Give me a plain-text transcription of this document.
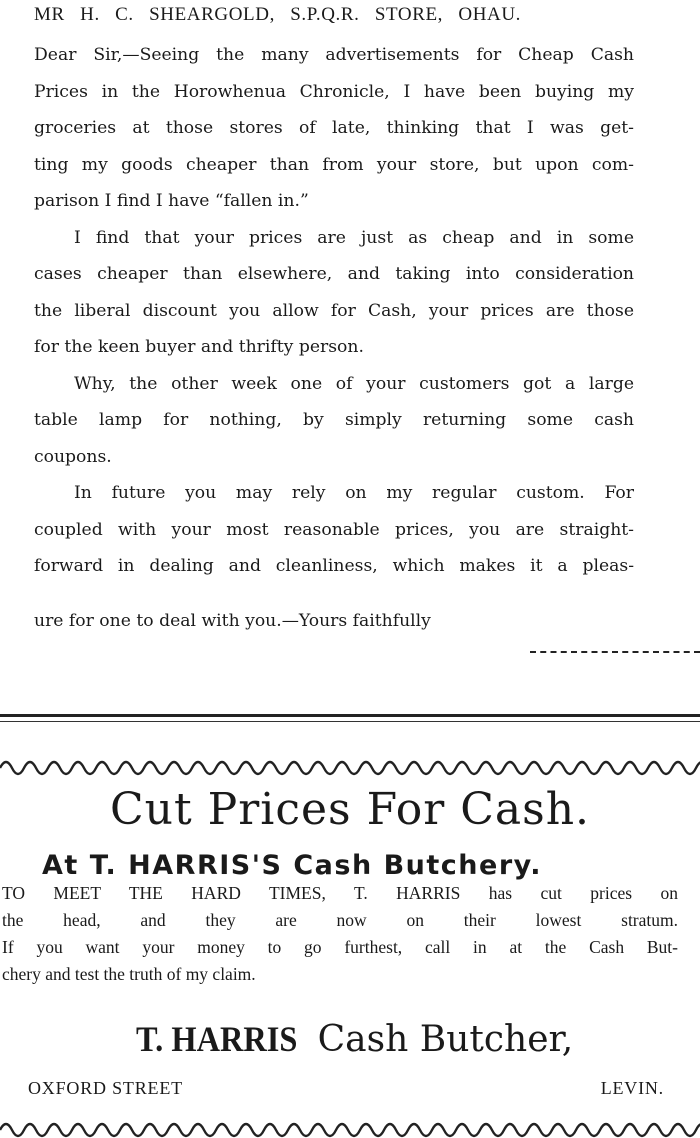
MR H. C. SHEARGOLD, S.P.Q.R. STORE, OHAU.
Dear Sir,—Seeing the many advertisements for Cheap Cash
Prices in the Horowhenua Chronicle, I have been buying my
groceries at those stores of late, thinking that I was get-
ting my goods cheaper than from your store, but upon com-
parison I find I have “fallen in.”
I find that your prices are just as cheap and in some
cases cheaper than elsewhere, and taking into consideration
the liberal discount you allow for Cash, your prices are those
for the keen buyer and thrifty person.
Why, the other week one of your customers got a large
table lamp for nothing, by simply returning some cash
coupons.
In future you may rely on my regular custom. For
coupled with your most reasonable prices, you are straight-
forward in dealing and cleanliness, which makes it a pleas-
ure for one to deal with you.—Yours faithfully
Cut Prices For Cash.
At T. HARRIS'S Cash Butchery.
TO MEET THE HARD TIMES, T. HARRIS has cut prices on
the head, and they are now on their lowest stratum.
If you want your money to go furthest, call in at the Cash But-
chery and test the truth of my claim.
T. HARRIS Cash Butcher,
OXFORD STREET	LEVIN.
